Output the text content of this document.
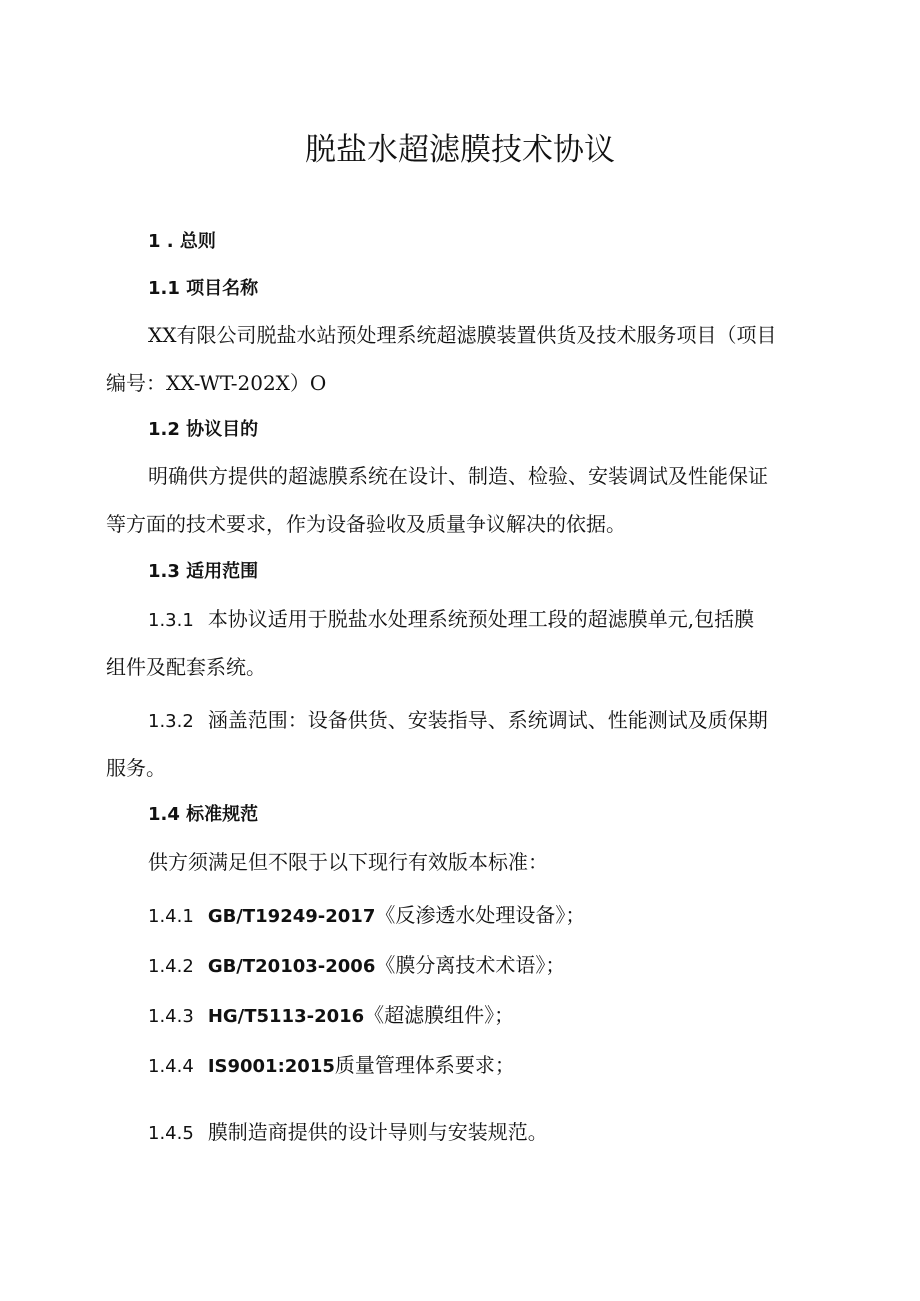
脱盐水超滤膜技术协议
1 . 总则
1.1 项目名称
XX有限公司脱盐水站预处理系统超滤膜装置供货及技术服务项目（项目
编号：XX-WT-202X）O
1.2 协议目的
明确供方提供的超滤膜系统在设计、制造、检验、安装调试及性能保证
等方面的技术要求，作为设备验收及质量争议解决的依据。
1.3 适用范围
1.3.1 本协议适用于脱盐水处理系统预处理工段的超滤膜单元,包括膜
组件及配套系统。
1.3.2 涵盖范围：设备供货、安装指导、系统调试、性能测试及质保期
服务。
1.4 标准规范
供方须满足但不限于以下现行有效版本标准：
1.4.1 GB/T19249-2017《反渗透水处理设备》；
1.4.2 GB/T20103-2006《膜分离技术术语》；
1.4.3 HG/T5113-2016《超滤膜组件》；
1.4.4 IS9001:2015质量管理体系要求；
1.4.5 膜制造商提供的设计导则与安装规范。
